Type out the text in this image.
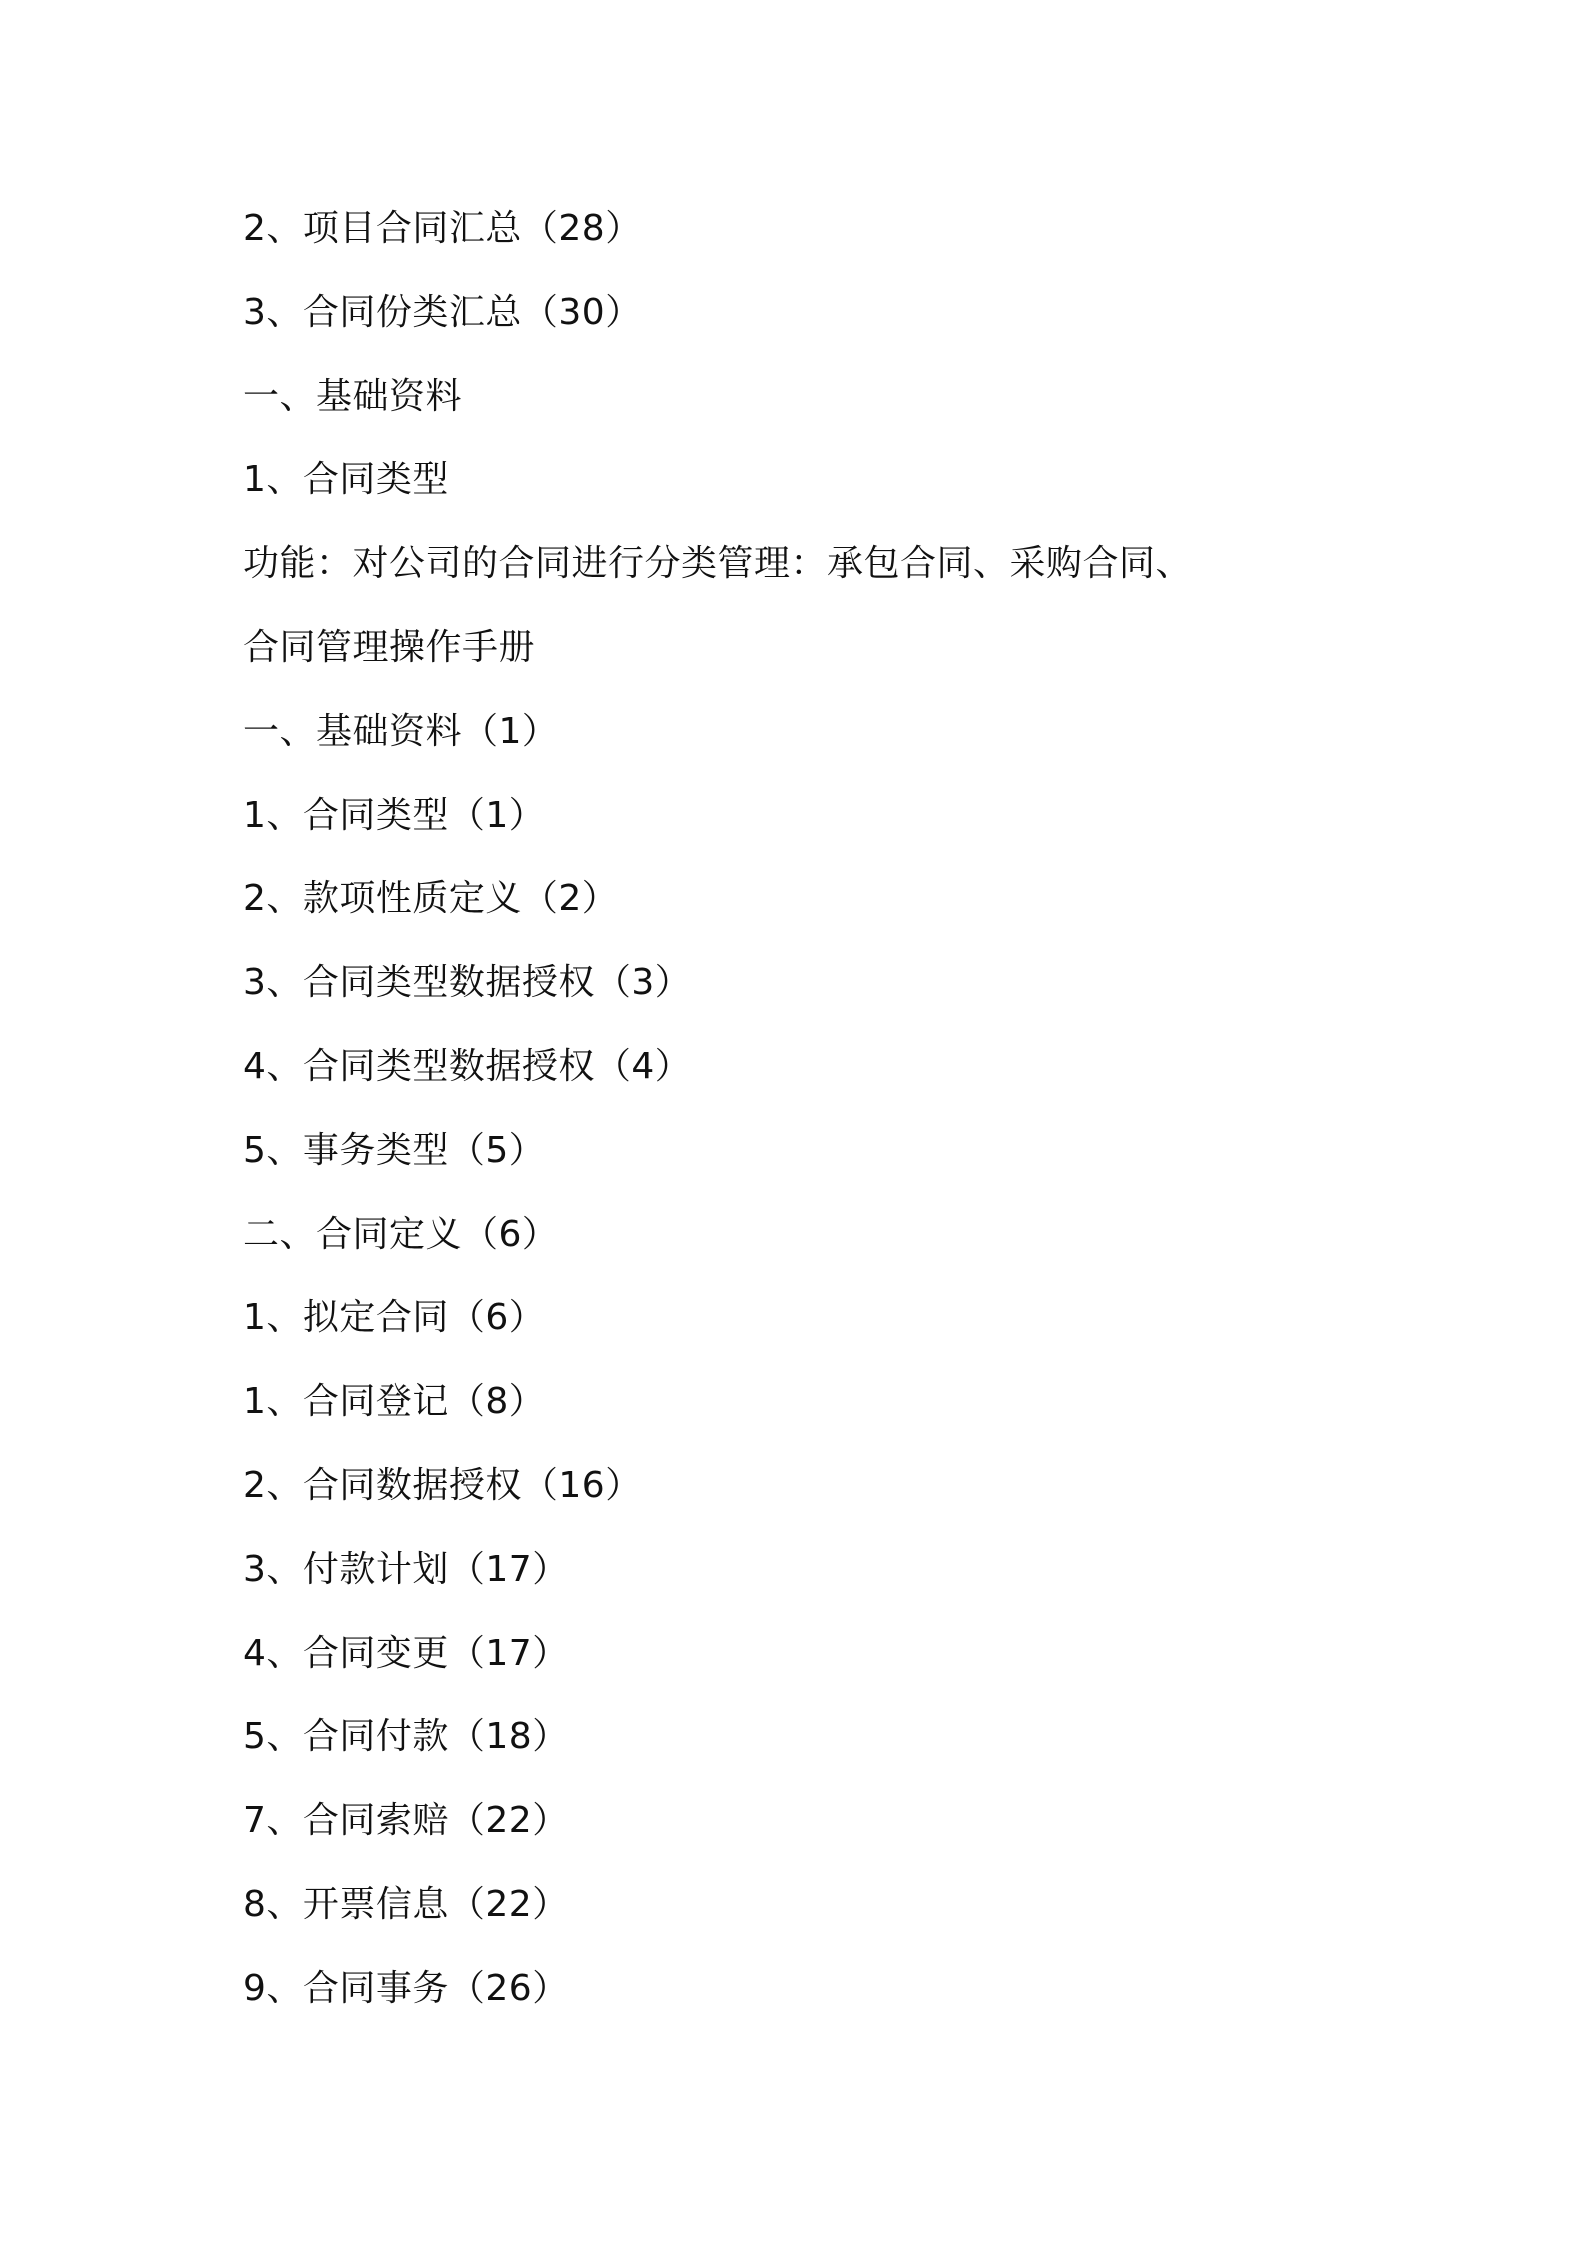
2、项目合同汇总（28）
3、合同份类汇总（30）
一、基础资料
1、合同类型
功能：对公司的合同进行分类管理：承包合同、采购合同、
合同管理操作手册
一、基础资料（1）
1、合同类型（1）
2、款项性质定义（2）
3、合同类型数据授权（3）
4、合同类型数据授权（4）
5、事务类型（5）
二、合同定义（6）
1、拟定合同（6）
1、合同登记（8）
2、合同数据授权（16）
3、付款计划（17）
4、合同变更（17）
5、合同付款（18）
7、合同索赔（22）
8、开票信息（22）
9、合同事务（26）
